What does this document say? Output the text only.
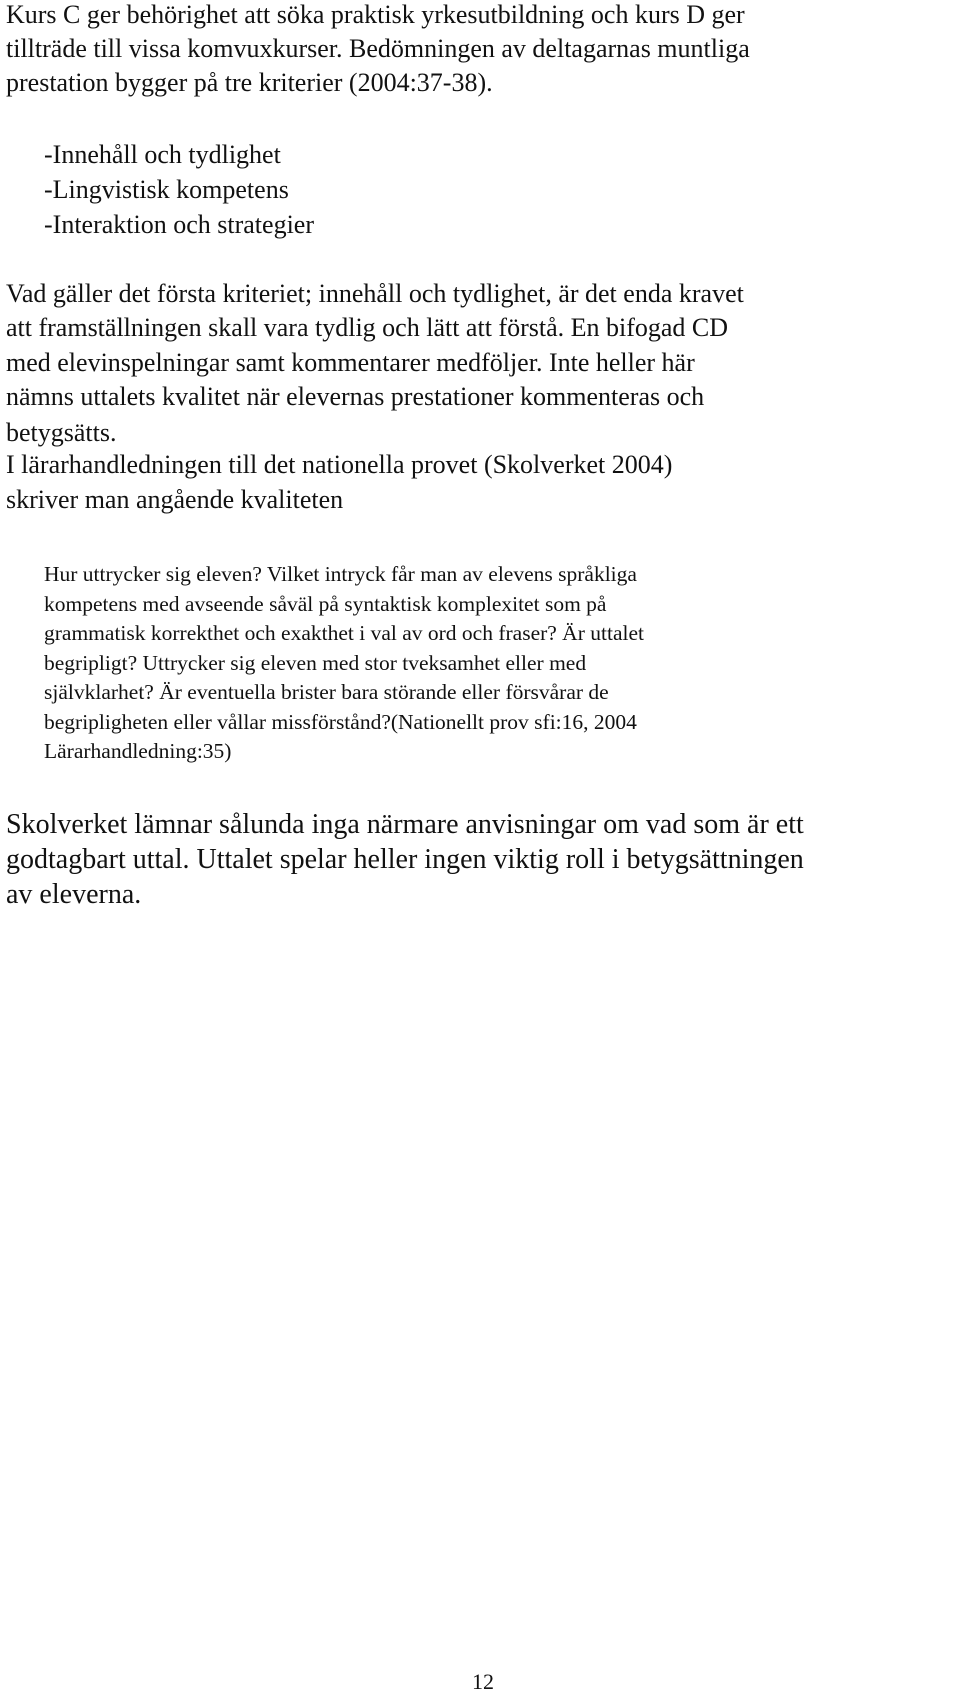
Kurs C ger behörighet att söka praktisk yrkesutbildning och kurs D ger

tillträde till vissa komvuxkurser. Bedömningen av deltagarnas muntliga

prestation bygger på tre kriterier (2004:37-38).

-Innehåll och tydlighet

-Lingvistisk kompetens

-Interaktion och strategier

Vad gäller det första kriteriet; innehåll och tydlighet, är det enda kravet

att framställningen skall vara tydlig och lätt att förstå. En bifogad CD

med elevinspelningar samt kommentarer medföljer. Inte heller här

nämns uttalets kvalitet när elevernas prestationer kommenteras och

betygsätts.

I lärarhandledningen till det nationella provet (Skolverket 2004)

skriver man angående kvaliteten

Hur uttrycker sig eleven? Vilket intryck får man av elevens språkliga

kompetens med avseende såväl på syntaktisk komplexitet som på

grammatisk korrekthet och exakthet i val av ord och fraser? Är uttalet

begripligt? Uttrycker sig eleven med stor tveksamhet eller med

självklarhet? Är eventuella brister bara störande eller försvårar de

begripligheten eller vållar missförstånd?(Nationellt prov sfi:16, 2004

Lärarhandledning:35)

Skolverket lämnar sålunda inga närmare anvisningar om vad som är ett

godtagbart uttal. Uttalet spelar heller ingen viktig roll i betygsättningen

av eleverna.

12
